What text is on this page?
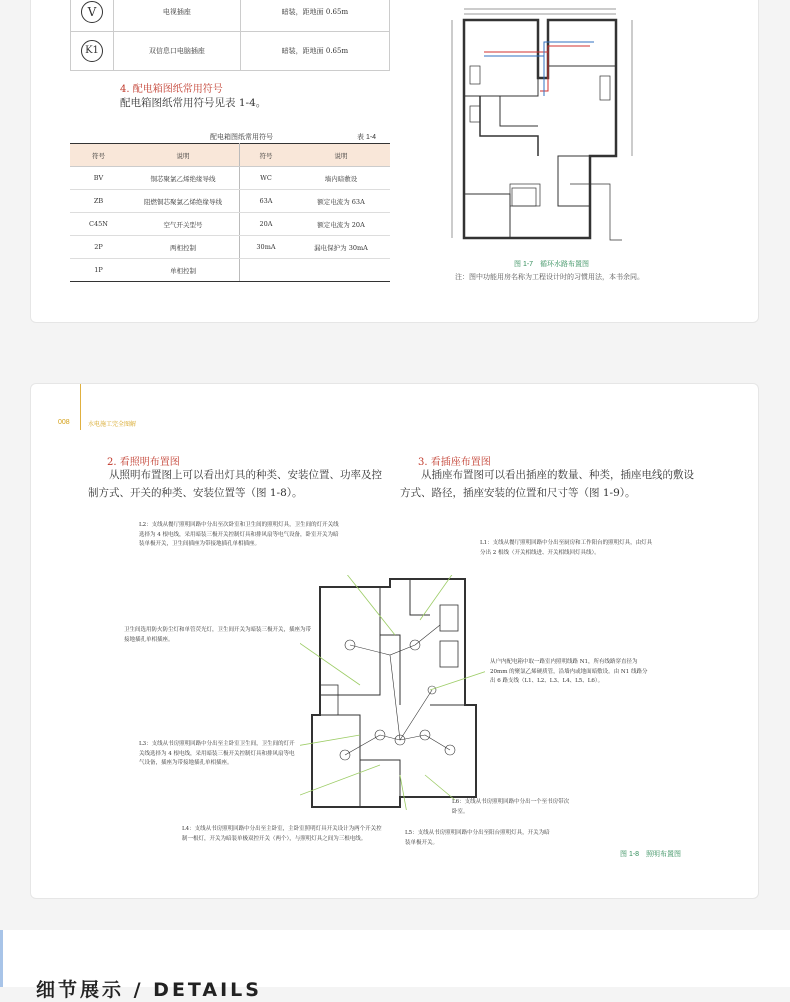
V	电视插座	暗装，距地面 0.65m
K1	双信息口电脑插座	暗装，距地面 0.65m
4. 配电箱图纸常用符号
配电箱图纸常用符号见表 1-4。
配电箱图纸常用符号	表 1-4
符号	说明	符号	说明
BV	铜芯聚氯乙烯绝缘导线	WC	墙内暗敷设
ZB	阻燃铜芯聚氯乙烯绝缘导线	63A	额定电流为 63A
C45N	空气开关型号	20A	额定电流为 20A
2P	两相控制	30mA	漏电保护为 30mA
1P	单相控制		
图 1-7　循环水路布置图
注：图中功能用房名称为工程设计时的习惯用法，本书余同。
008	水电施工完全图解
2. 看照明布置图
从照明布置图上可以看出灯具的种类、安装位置、功率及控制方式、开关的种类、安装位置等（图 1-8）。
3. 看插座布置图
从插座布置图可以看出插座的数量、种类，插座电线的敷设方式、路径，插座安装的位置和尺寸等（图 1-9）。
L2：支线从餐厅照明回路中分出至次卧室和卫生间的照明灯具，卫生间的灯开关线选择为 4 根电线，采用暗装三极开关控制灯具和排风扇等电气设备，卧室开关为暗装单极开关，卫生间插座为带接地插孔单相插座。
卫生间选用防火防尘灯和单管荧光灯，卫生间开关为暗装三极开关，插座为带接地插孔单相插座。
L3：支线从书房照明回路中分出至主卧室卫生间，卫生间的灯开关线选择为 4 根电线，采用暗装三极开关控制灯具和排风扇等电气设备，插座为带接地插孔单相插座。
L4：支线从书房照明回路中分出至主卧室，主卧室照明灯具开关设计为两个开关控制一根灯，开关为暗装单极双控开关（两个），与照明灯具之间为三根电线。
L1：支线从餐厅照明回路中分出至厨房和工作阳台的照明灯具，由灯具分出 2 根线（开关相线进、开关相线回灯具线）。
从户内配电箱中取一路室内照明线路 N1，所有线路穿直径为 20mm 的聚氯乙烯硬质管，沿墙内或地面暗敷设。由 N1 线路分出 6 路支线（L1、L2、L3、L4、L5、L6）。
L6：支线从书房照明回路中分出一个至书房带次卧室。
L5：支线从书房照明回路中分出至阳台照明灯具，开关为暗装单极开关。
图 1-8　照明布置图
细节展示 / DETAILS
